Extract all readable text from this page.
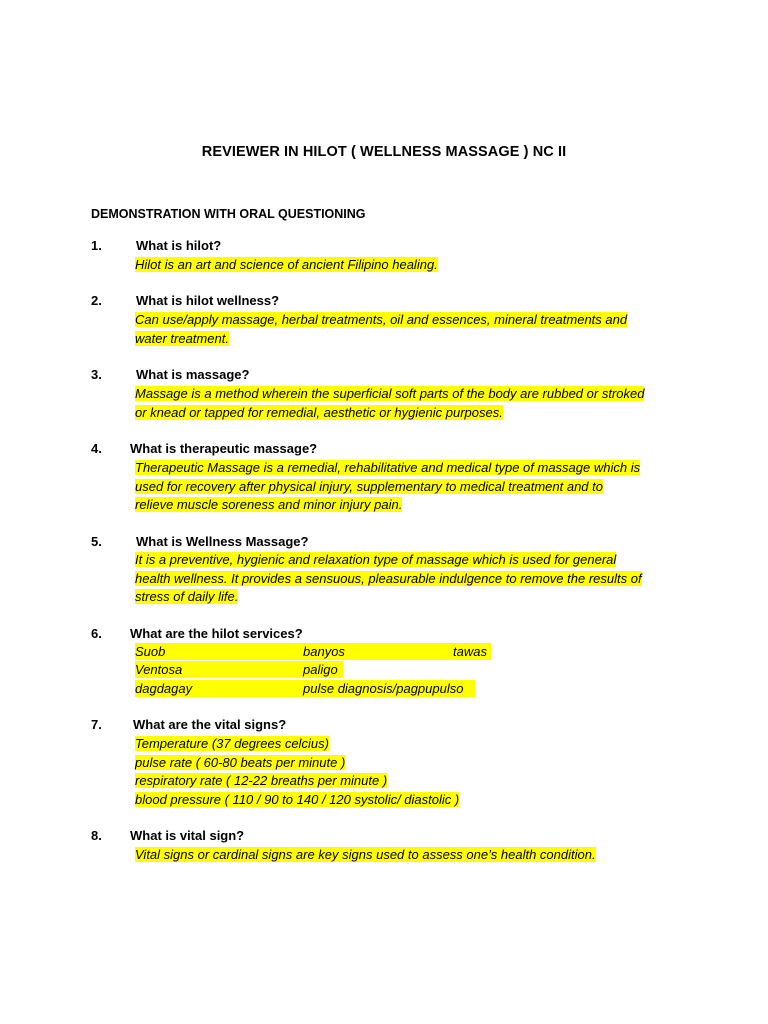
REVIEWER IN HILOT ( WELLNESS MASSAGE ) NC II
DEMONSTRATION WITH ORAL QUESTIONING
1.	What is hilot?
Hilot is an art and science of ancient Filipino healing.
2.	What is hilot wellness?
Can use/apply massage, herbal treatments, oil and essences, mineral treatments and
water treatment.
3.	What is massage?
Massage is a method wherein the superficial soft parts of the body are rubbed or stroked
or knead or tapped for remedial, aesthetic or hygienic purposes.
4. What is therapeutic massage?
Therapeutic Massage is a remedial, rehabilitative and medical type of massage which is
used for recovery after physical injury, supplementary to medical treatment and to
relieve muscle soreness and minor injury pain.
5.	What is Wellness Massage?
It is a preventive, hygienic and relaxation type of massage which is used for general
health wellness. It provides a sensuous, pleasurable indulgence to remove the results of
stress of daily life.
6. What are the hilot services?
Suob	banyos	tawas
Ventosa	paligo
dagdagay	pulse diagnosis/pagpupulso
7. What are the vital signs?
Temperature (37 degrees celcius)
pulse rate ( 60-80 beats per minute )
respiratory rate ( 12-22 breaths per minute )
blood pressure ( 110 / 90 to 140 / 120 systolic/ diastolic )
8. What is vital sign?
Vital signs or cardinal signs are key signs used to assess one’s health condition.
